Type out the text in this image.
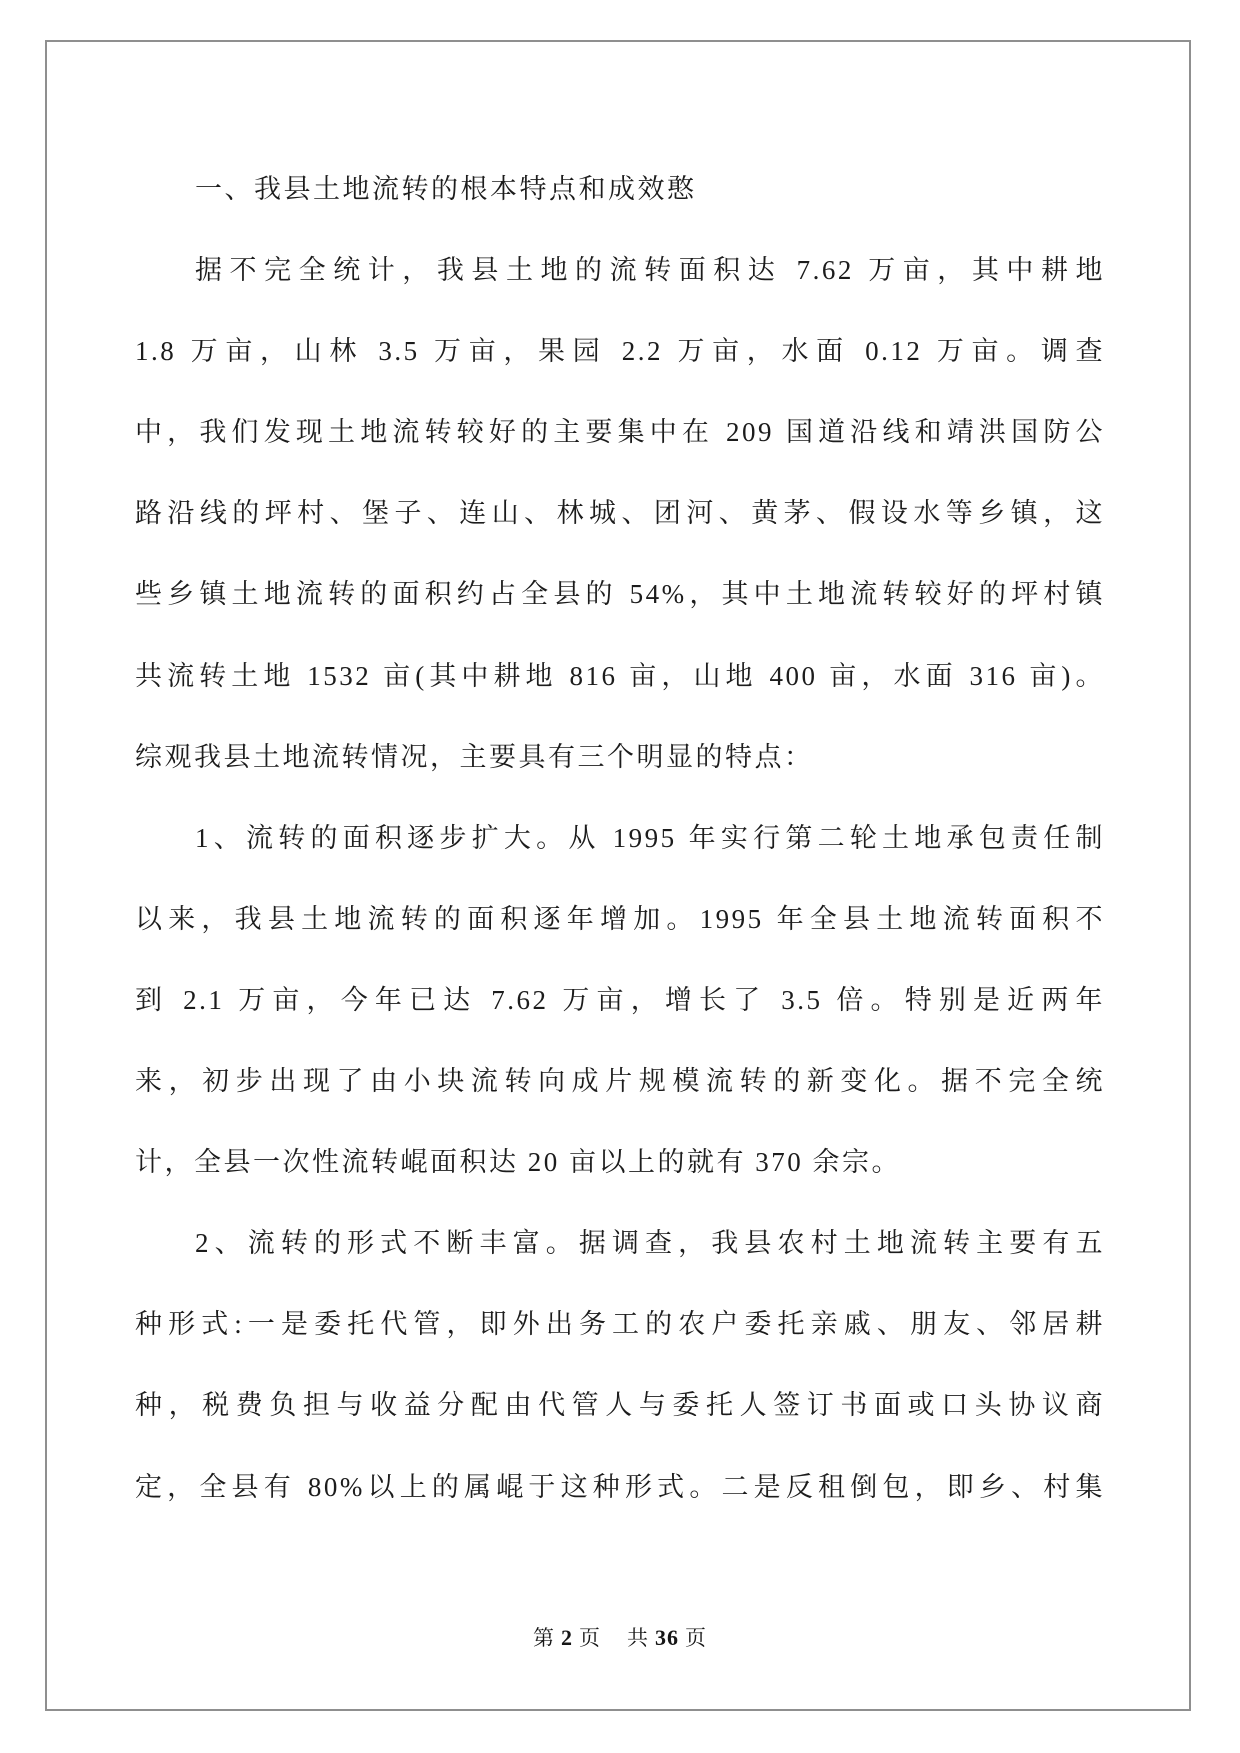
一、我县土地流转的根本特点和成效憨
据不完全统计，我县土地的流转面积达 7.62 万亩，其中耕地
1.8 万亩，山林 3.5 万亩，果园 2.2 万亩，水面 0.12 万亩。调查
中，我们发现土地流转较好的主要集中在 209 国道沿线和靖洪国防公
路沿线的坪村、堡子、连山、林城、团河、黄茅、假设水等乡镇，这
些乡镇土地流转的面积约占全县的 54%，其中土地流转较好的坪村镇
共流转土地 1532 亩(其中耕地 816 亩，山地 400 亩，水面 316 亩)。
综观我县土地流转情况，主要具有三个明显的特点：
1、流转的面积逐步扩大。从 1995 年实行第二轮土地承包责任制
以来，我县土地流转的面积逐年增加。1995 年全县土地流转面积不
到 2.1 万亩，今年已达 7.62 万亩，增长了 3.5 倍。特别是近两年
来，初步出现了由小块流转向成片规模流转的新变化。据不完全统
计，全县一次性流转崐面积达 20 亩以上的就有 370 余宗。
2、流转的形式不断丰富。据调查，我县农村土地流转主要有五
种形式:一是委托代管，即外出务工的农户委托亲戚、朋友、邻居耕
种，税费负担与收益分配由代管人与委托人签订书面或口头协议商
定，全县有 80%以上的属崐于这种形式。二是反租倒包，即乡、村集
第 2 页 共 36 页
